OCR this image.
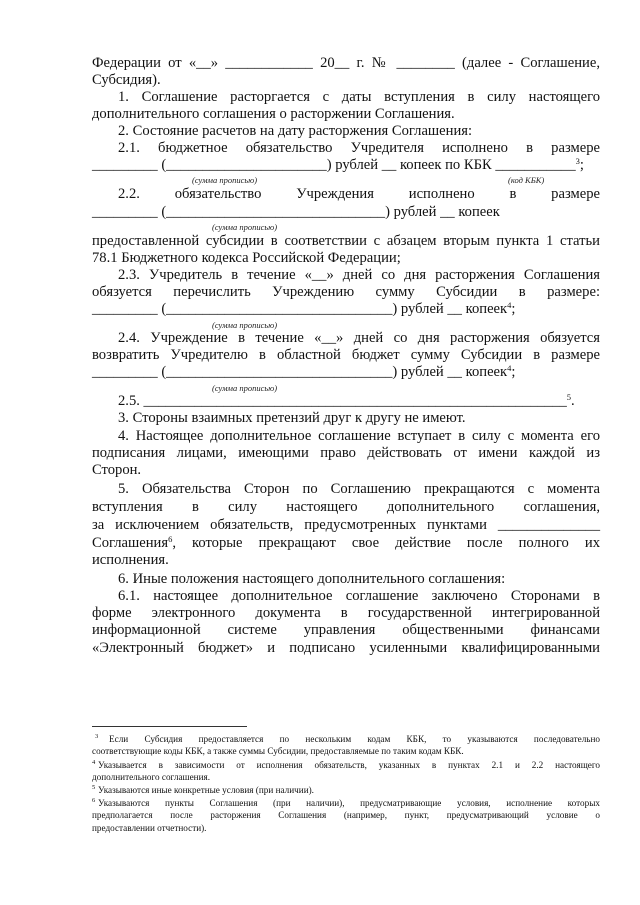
Федерации от «__» ____________ 20__ г. № ________ (далее - Соглашение,
Субсидия).
1. Соглашение расторгается с даты вступления в силу настоящего
дополнительного соглашения о расторжении Соглашения.
2. Состояние расчетов на дату расторжения Соглашения:
2.1. бюджетное обязательство Учредителя исполнено в размере
_________ (______________________) рублей __ копеек по КБК ___________$^3$;
(сумма прописью)	(код КБК)
2.2. обязательство Учреждения исполнено в размере
_________ (______________________________) рублей __ копеек
(сумма прописью)
предоставленной субсидии в соответствии с абзацем вторым пункта 1 статьи
78.1 Бюджетного кодекса Российской Федерации;
2.3. Учредитель в течение «__» дней со дня расторжения Соглашения
обязуется перечислить Учреждению сумму Субсидии в размере:
_________ (_______________________________) рублей __ копеек$^4$;
(сумма прописью)
2.4. Учреждение в течение «__» дней со дня расторжения обязуется
возвратить Учредителю в областной бюджет сумму Субсидии в размере
_________ (_______________________________) рублей __ копеек$^4$;
(сумма прописью)
2.5. __________________________________________________________$^5$.
3. Стороны взаимных претензий друг к другу не имеют.
4. Настоящее дополнительное соглашение вступает в силу с момента его
подписания лицами, имеющими право действовать от имени каждой из
Сторон.
5. Обязательства Сторон по Соглашению прекращаются с момента
вступления в силу настоящего дополнительного соглашения,
за исключением обязательств, предусмотренных пунктами ______________
Соглашения$^6$, которые прекращают свое действие после полного их
исполнения.
6. Иные положения настоящего дополнительного соглашения:
6.1. настоящее дополнительное соглашение заключено Сторонами в
форме электронного документа в государственной интегрированной
информационной системе управления общественными финансами
«Электронный бюджет» и подписано усиленными квалифицированными
3 Если Субсидия предоставляется по нескольким кодам КБК, то указываются последовательно
соответствующие коды КБК, а также суммы Субсидии, предоставляемые по таким кодам КБК.
4 Указывается в зависимости от исполнения обязательств, указанных в пунктах 2.1 и 2.2 настоящего
дополнительного соглашения.
5 Указываются иные конкретные условия (при наличии).
6 Указываются пункты Соглашения (при наличии), предусматривающие условия, исполнение которых
предполагается после расторжения Соглашения (например, пункт, предусматривающий условие о
предоставлении отчетности).
